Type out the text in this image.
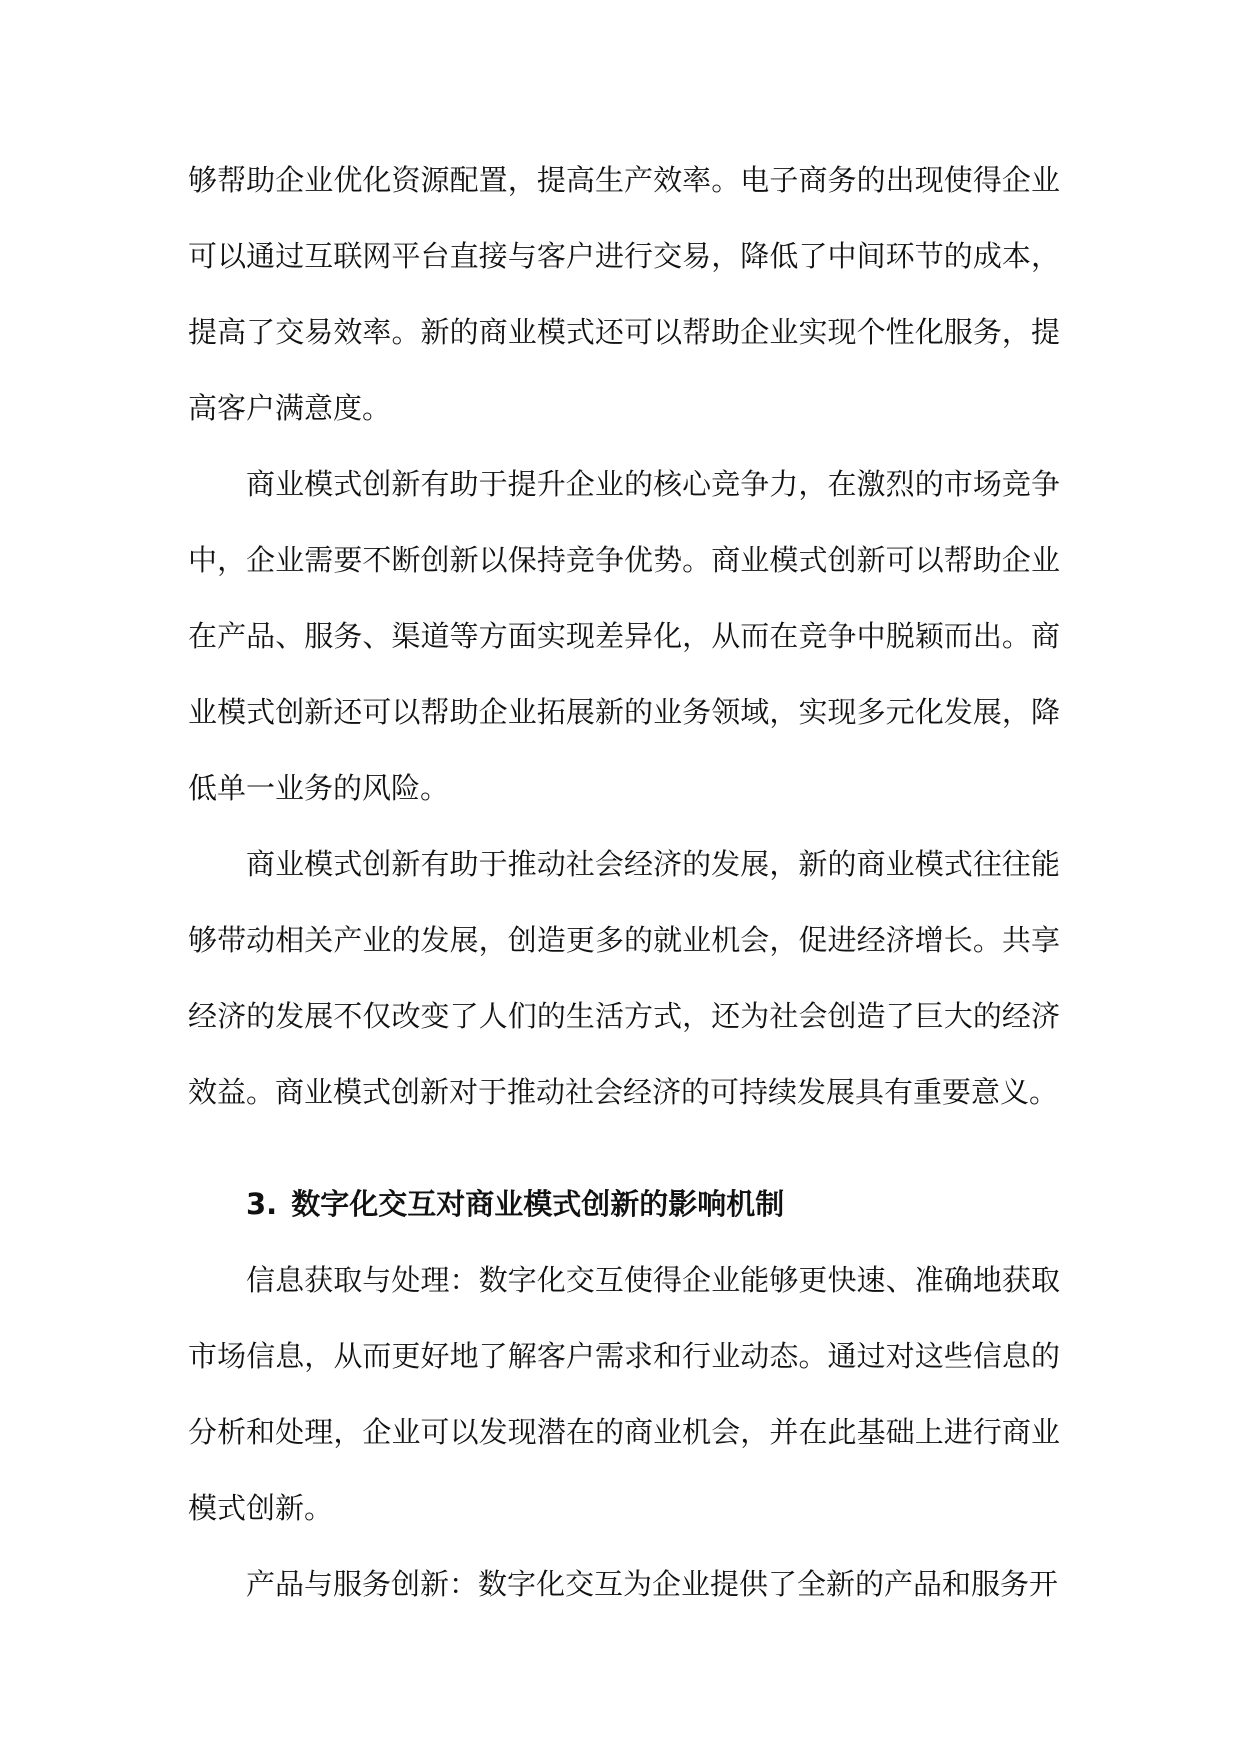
够帮助企业优化资源配置，提高生产效率。电子商务的出现使得企业可以通过互联网平台直接与客户进行交易，降低了中间环节的成本，提高了交易效率。新的商业模式还可以帮助企业实现个性化服务，提高客户满意度。

商业模式创新有助于提升企业的核心竞争力，在激烈的市场竞争中，企业需要不断创新以保持竞争优势。商业模式创新可以帮助企业在产品、服务、渠道等方面实现差异化，从而在竞争中脱颖而出。商业模式创新还可以帮助企业拓展新的业务领域，实现多元化发展，降低单一业务的风险。

商业模式创新有助于推动社会经济的发展，新的商业模式往往能够带动相关产业的发展，创造更多的就业机会，促进经济增长。共享经济的发展不仅改变了人们的生活方式，还为社会创造了巨大的经济效益。商业模式创新对于推动社会经济的可持续发展具有重要意义。

3. 数字化交互对商业模式创新的影响机制

信息获取与处理：数字化交互使得企业能够更快速、准确地获取市场信息，从而更好地了解客户需求和行业动态。通过对这些信息的分析和处理，企业可以发现潜在的商业机会，并在此基础上进行商业模式创新。

产品与服务创新：数字化交互为企业提供了全新的产品和服务开
